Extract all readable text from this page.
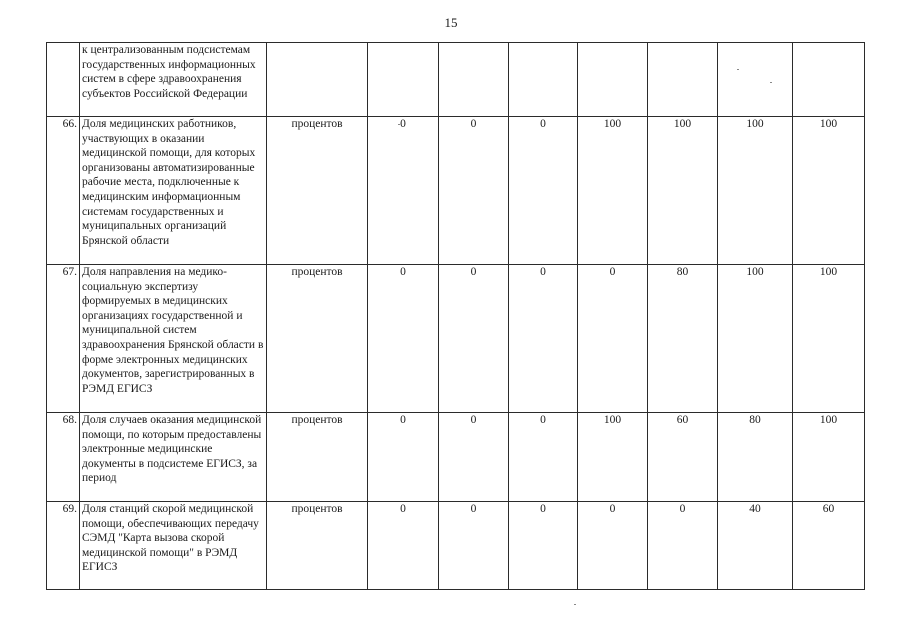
15
	к централизованным подсистемам государственных информационных систем в сфере здравоохранения субъектов Российской Федерации								
66.	Доля медицинских работников, участвующих в оказании медицинской помощи, для которых организованы автоматизированные рабочие места, подключенные к медицинским информационным системам государственных и муниципальных организаций Брянской области	процентов	0	0	0	100	100	100	100
67.	Доля направления на медико-социальную экспертизу формируемых в медицинских организациях государственной и муниципальной систем здравоохранения Брянской области в форме электронных медицинских документов, зарегистрированных в РЭМД ЕГИСЗ	процентов	0	0	0	0	80	100	100
68.	Доля случаев оказания медицинской помощи, по которым предоставлены электронные медицинские документы в подсистеме ЕГИСЗ, за период	процентов	0	0	0	100	60	80	100
69.	Доля станций скорой медицинской помощи, обеспечивающих передачу СЭМД "Карта вызова скорой медицинской помощи" в РЭМД ЕГИСЗ	процентов	0	0	0	0	0	40	60
